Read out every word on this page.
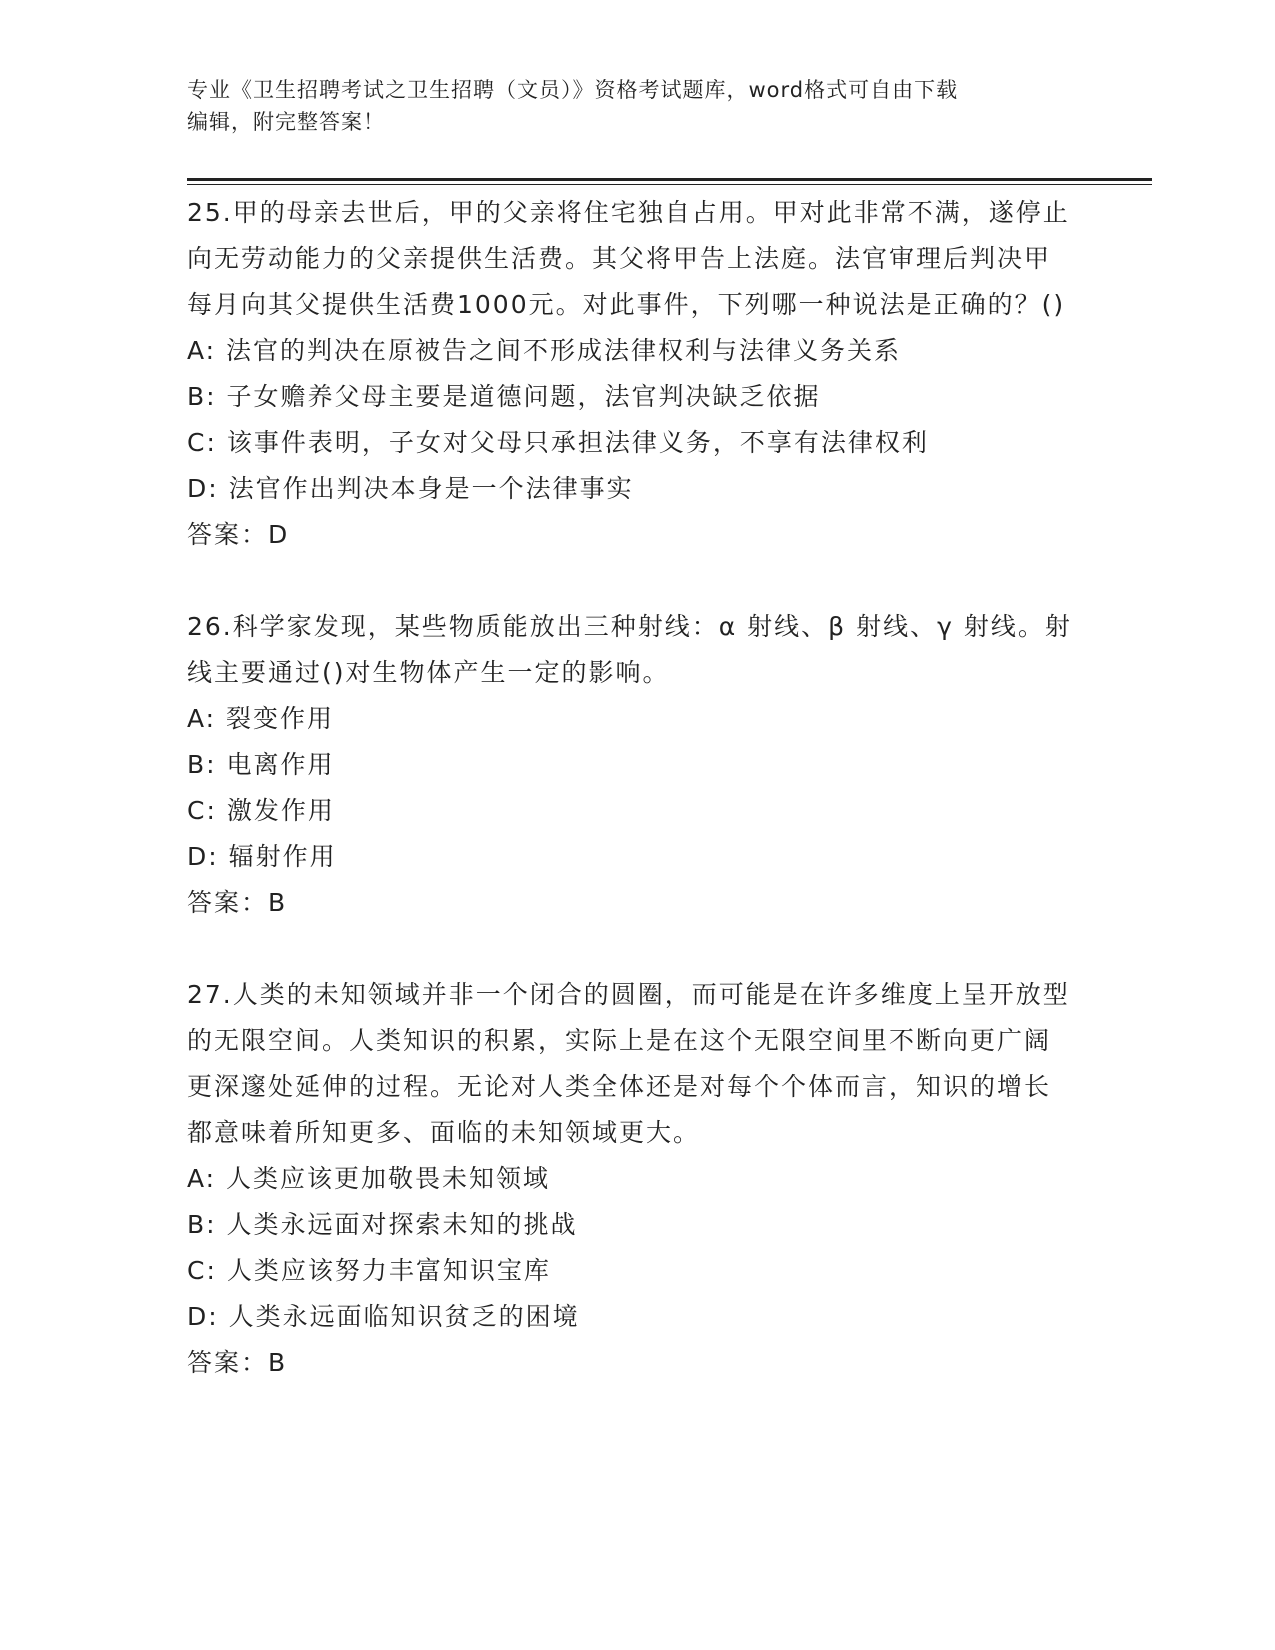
专业《卫生招聘考试之卫生招聘（文员）》资格考试题库，word格式可自由下载
编辑，附完整答案！
25.甲的母亲去世后，甲的父亲将住宅独自占用。甲对此非常不满，遂停止向无劳动能力的父亲提供生活费。其父将甲告上法庭。法官审理后判决甲每月向其父提供生活费1000元。对此事件，下列哪一种说法是正确的？()
A: 法官的判决在原被告之间不形成法律权利与法律义务关系
B: 子女赡养父母主要是道德问题，法官判决缺乏依据
C: 该事件表明，子女对父母只承担法律义务，不享有法律权利
D: 法官作出判决本身是一个法律事实
答案：D
26.科学家发现，某些物质能放出三种射线：α 射线、β 射线、γ 射线。射线主要通过()对生物体产生一定的影响。
A: 裂变作用
B: 电离作用
C: 激发作用
D: 辐射作用
答案：B
27.人类的未知领域并非一个闭合的圆圈，而可能是在许多维度上呈开放型的无限空间。人类知识的积累，实际上是在这个无限空间里不断向更广阔更深邃处延伸的过程。无论对人类全体还是对每个个体而言，知识的增长都意味着所知更多、面临的未知领域更大。
A: 人类应该更加敬畏未知领域
B: 人类永远面对探索未知的挑战
C: 人类应该努力丰富知识宝库
D: 人类永远面临知识贫乏的困境
答案：B
